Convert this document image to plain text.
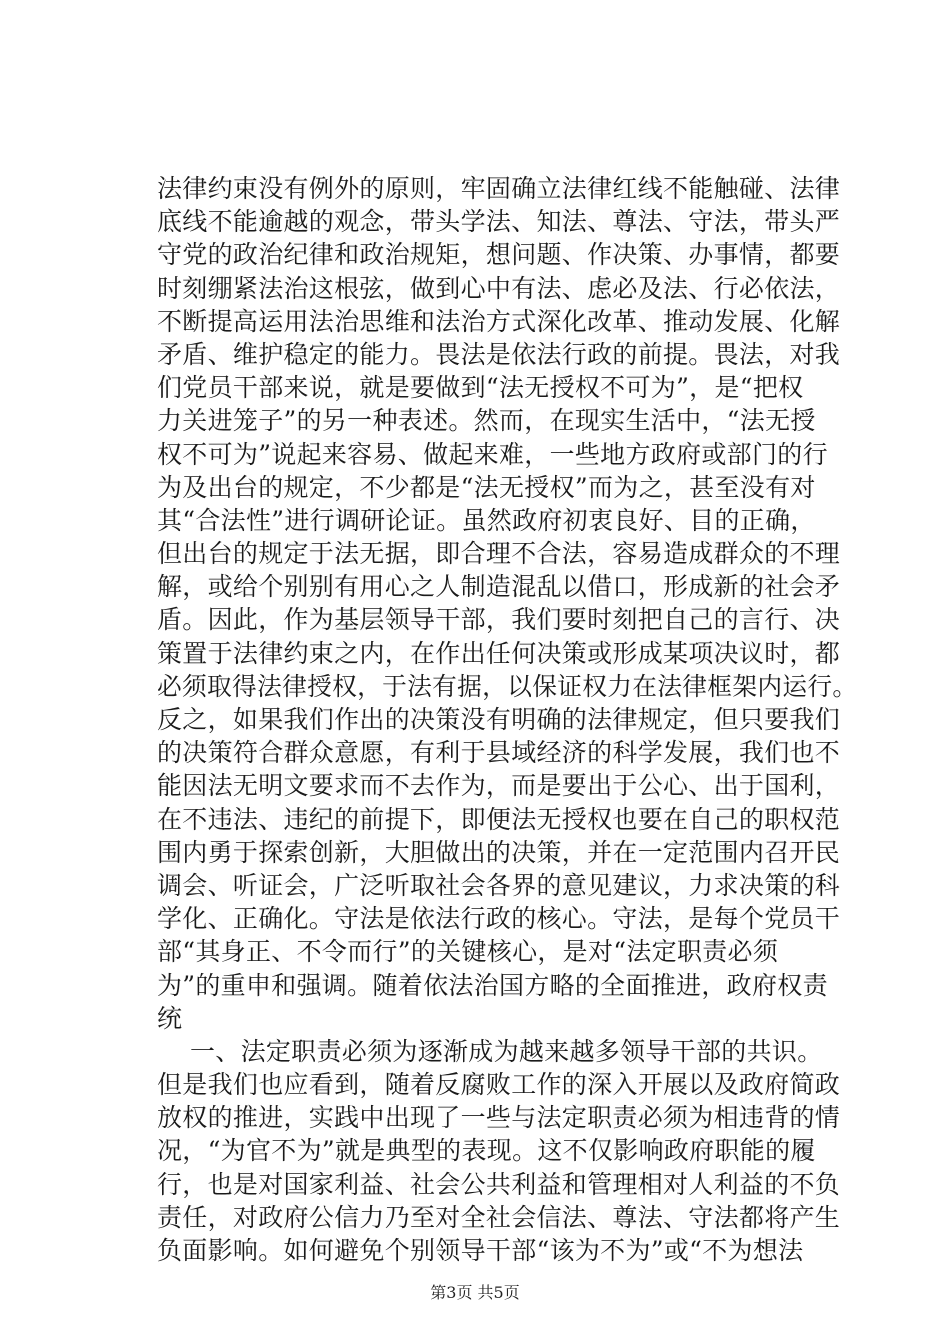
法律约束没有例外的原则，牢固确立法律红线不能触碰、法律
底线不能逾越的观念，带头学法、知法、尊法、守法，带头严
守党的政治纪律和政治规矩，想问题、作决策、办事情，都要
时刻绷紧法治这根弦，做到心中有法、虑必及法、行必依法，
不断提高运用法治思维和法治方式深化改革、推动发展、化解
矛盾、维护稳定的能力。畏法是依法行政的前提。畏法，对我
们党员干部来说，就是要做到“法无授权不可为”，是“把权
力关进笼子”的另一种表述。然而，在现实生活中，“法无授
权不可为”说起来容易、做起来难，一些地方政府或部门的行
为及出台的规定，不少都是“法无授权”而为之，甚至没有对
其“合法性”进行调研论证。虽然政府初衷良好、目的正确，
但出台的规定于法无据，即合理不合法，容易造成群众的不理
解，或给个别别有用心之人制造混乱以借口，形成新的社会矛
盾。因此，作为基层领导干部，我们要时刻把自己的言行、决
策置于法律约束之内，在作出任何决策或形成某项决议时，都
必须取得法律授权，于法有据，以保证权力在法律框架内运行。
反之，如果我们作出的决策没有明确的法律规定，但只要我们
的决策符合群众意愿，有利于县域经济的科学发展，我们也不
能因法无明文要求而不去作为，而是要出于公心、出于国利，
在不违法、违纪的前提下，即便法无授权也要在自己的职权范
围内勇于探索创新，大胆做出的决策，并在一定范围内召开民
调会、听证会，广泛听取社会各界的意见建议，力求决策的科
学化、正确化。守法是依法行政的核心。守法，是每个党员干
部“其身正、不令而行”的关键核心，是对“法定职责必须
为”的重申和强调。随着依法治国方略的全面推进，政府权责
统
一、法定职责必须为逐渐成为越来越多领导干部的共识。
但是我们也应看到，随着反腐败工作的深入开展以及政府简政
放权的推进，实践中出现了一些与法定职责必须为相违背的情
况，“为官不为”就是典型的表现。这不仅影响政府职能的履
行，也是对国家利益、社会公共利益和管理相对人利益的不负
责任，对政府公信力乃至对全社会信法、尊法、守法都将产生
负面影响。如何避免个别领导干部“该为不为”或“不为想法
第3页 共5页
